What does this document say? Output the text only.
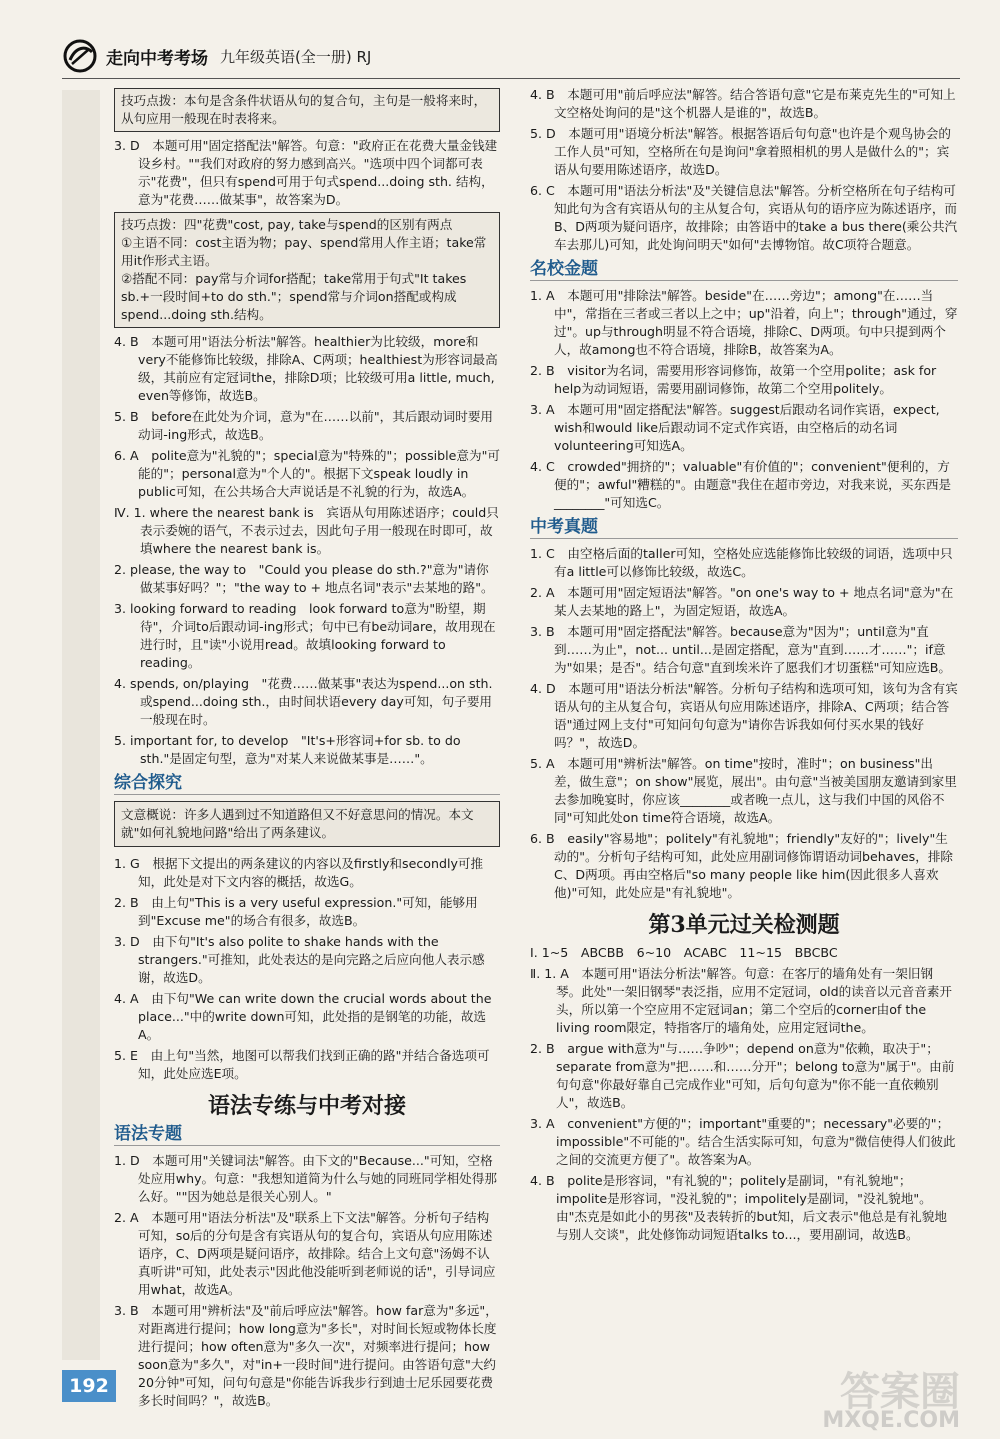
走向中考考场 九年级英语(全一册) RJ
技巧点拨：本句是含条件状语从句的复合句，主句是一般将来时，从句应用一般现在时表将来。
3. D　本题可用"固定搭配法"解答。句意："政府正在花费大量金钱建设乡村。""我们对政府的努力感到高兴。"选项中四个词都可表示"花费"，但只有spend可用于句式spend...doing sth. 结构，意为"花费……做某事"，故答案为D。
技巧点拨：四"花费"cost, pay, take与spend的区别有两点
①主语不同：cost主语为物；pay、spend常用人作主语；take常用it作形式主语。
②搭配不同：pay常与介词for搭配；take常用于句式"It takes sb.+一段时间+to do sth."；spend常与介词on搭配或构成spend...doing sth.结构。
4. B　本题可用"语法分析法"解答。healthier为比较级，more和very不能修饰比较级，排除A、C两项；healthiest为形容词最高级，其前应有定冠词the，排除D项；比较级可用a little, much, even等修饰，故选B。
5. B　before在此处为介词，意为"在……以前"，其后跟动词时要用动词-ing形式，故选B。
6. A　polite意为"礼貌的"；special意为"特殊的"；possible意为"可能的"；personal意为"个人的"。根据下文speak loudly in public可知，在公共场合大声说话是不礼貌的行为，故选A。
Ⅳ. 1. where the nearest bank is　宾语从句用陈述语序；could只表示委婉的语气，不表示过去，因此句子用一般现在时即可，故填where the nearest bank is。
2. please, the way to　"Could you please do sth.?"意为"请你做某事好吗？"；"the way to + 地点名词"表示"去某地的路"。
3. looking forward to reading　look forward to意为"盼望，期待"，介词to后跟动词-ing形式；句中已有be动词are，故用现在进行时，且"读"小说用read。故填looking forward to reading。
4. spends, on/playing　"花费……做某事"表达为spend...on sth.或spend...doing sth.，由时间状语every day可知，句子要用一般现在时。
5. important for, to develop　"It's+形容词+for sb. to do sth."是固定句型，意为"对某人来说做某事是……"。
综合探究
文意概说：许多人遇到过不知道路但又不好意思问的情况。本文就"如何礼貌地问路"给出了两条建议。
1. G　根据下文提出的两条建议的内容以及firstly和secondly可推知，此处是对下文内容的概括，故选G。
2. B　由上句"This is a very useful expression."可知，能够用到"Excuse me"的场合有很多，故选B。
3. D　由下句"It's also polite to shake hands with the strangers."可推知，此处表达的是向完路之后应向他人表示感谢，故选D。
4. A　由下句"We can write down the crucial words about the place..."中的write down可知，此处指的是钢笔的功能，故选A。
5. E　由上句"当然，地图可以帮我们找到正确的路"并结合备选项可知，此处应选E项。
语法专练与中考对接
语法专题
1. D　本题可用"关键词法"解答。由下文的"Because..."可知，空格处应用why。句意："我想知道简为什么与她的同班同学相处得那么好。""因为她总是很关心别人。"
2. A　本题可用"语法分析法"及"联系上下文法"解答。分析句子结构可知，so后的分句是含有宾语从句的复合句，宾语从句应用陈述语序，C、D两项是疑问语序，故排除。结合上文句意"汤姆不认真听讲"可知，此处表示"因此他没能听到老师说的话"，引导词应用what，故选A。
3. B　本题可用"辨析法"及"前后呼应法"解答。how far意为"多远"，对距离进行提问；how long意为"多长"，对时间长短或物体长度进行提问；how often意为"多久一次"，对频率进行提问；how soon意为"多久"，对"in+一段时间"进行提问。由答语句意"大约20分钟"可知，问句句意是"你能告诉我步行到迪士尼乐园要花费多长时间吗？"，故选B。
4. B　本题可用"前后呼应法"解答。结合答语句意"它是布莱克先生的"可知上文空格处询问的是"这个机器人是谁的"，故选B。
5. D　本题可用"语境分析法"解答。根据答语后句句意"也许是个观鸟协会的工作人员"可知，空格所在句是询问"拿着照相机的男人是做什么的"；宾语从句要用陈述语序，故选D。
6. C　本题可用"语法分析法"及"关键信息法"解答。分析空格所在句子结构可知此句为含有宾语从句的主从复合句，宾语从句的语序应为陈述语序，而B、D两项为疑问语序，故排除；由答语中的take a bus there(乘公共汽车去那儿)可知，此处询问明天"如何"去博物馆。故C项符合题意。
名校金题
1. A　本题可用"排除法"解答。beside"在……旁边"；among"在……当中"，常指在三者或三者以上之中；up"沿着，向上"；through"通过，穿过"。up与through明显不符合语境，排除C、D两项。句中只提到两个人，故among也不符合语境，排除B，故答案为A。
2. B　visitor为名词，需要用形容词修饰，故第一个空用polite；ask for help为动词短语，需要用副词修饰，故第二个空用politely。
3. A　本题可用"固定搭配法"解答。suggest后跟动名词作宾语，expect, wish和would like后跟动词不定式作宾语，由空格后的动名词volunteering可知选A。
4. C　crowded"拥挤的"；valuable"有价值的"；convenient"便利的，方便的"；awful"糟糕的"。由题意"我住在超市旁边，对我来说，买东西是________"可知选C。
中考真题
1. C　由空格后面的taller可知，空格处应选能修饰比较级的词语，选项中只有a little可以修饰比较级，故选C。
2. A　本题可用"固定短语法"解答。"on one's way to + 地点名词"意为"在某人去某地的路上"，为固定短语，故选A。
3. B　本题可用"固定搭配法"解答。because意为"因为"；until意为"直到……为止"，not... until...是固定搭配，意为"直到……才……"；if意为"如果；是否"。结合句意"直到埃米许了愿我们才切蛋糕"可知应选B。
4. D　本题可用"语法分析法"解答。分析句子结构和选项可知，该句为含有宾语从句的主从复合句，宾语从句应用陈述语序，排除A、C两项；结合答语"通过网上支付"可知问句句意为"请你告诉我如何付买水果的钱好吗？"，故选D。
5. A　本题可用"辨析法"解答。on time"按时，准时"；on business"出差，做生意"；on show"展览，展出"。由句意"当被美国朋友邀请到家里去参加晚宴时，你应该________或者晚一点儿，这与我们中国的风俗不同"可知此处on time符合语境，故选A。
6. B　easily"容易地"；politely"有礼貌地"；friendly"友好的"；lively"生动的"。分析句子结构可知，此处应用副词修饰谓语动词behaves，排除C、D两项。再由空格后"so many people like him(因此很多人喜欢他)"可知，此处应是"有礼貌地"。
第3单元过关检测题
Ⅰ. 1~5　ABCBB　6~10　ACABC　11~15　BBCBC
Ⅱ. 1. A　本题可用"语法分析法"解答。句意：在客厅的墙角处有一架旧钢琴。此处"一架旧钢琴"表泛指，应用不定冠词，old的读音以元音音素开头，所以第一个空应用不定冠词an；第二个空后的corner由of the living room限定，特指客厅的墙角处，应用定冠词the。
2. B　argue with意为"与……争吵"；depend on意为"依赖，取决于"；separate from意为"把……和……分开"；belong to意为"属于"。由前句句意"你最好靠自己完成作业"可知，后句句意为"你不能一直依赖别人"，故选B。
3. A　convenient"方便的"；important"重要的"；necessary"必要的"；impossible"不可能的"。结合生活实际可知，句意为"微信使得人们彼此之间的交流更方便了"。故答案为A。
4. B　polite是形容词，"有礼貌的"；politely是副词，"有礼貌地"；impolite是形容词，"没礼貌的"；impolitely是副词，"没礼貌地"。由"杰克是如此小的男孩"及表转折的but知，后文表示"他总是有礼貌地与别人交谈"，此处修饰动词短语talks to...，要用副词，故选B。
192	答案圈
MXQE.COM
